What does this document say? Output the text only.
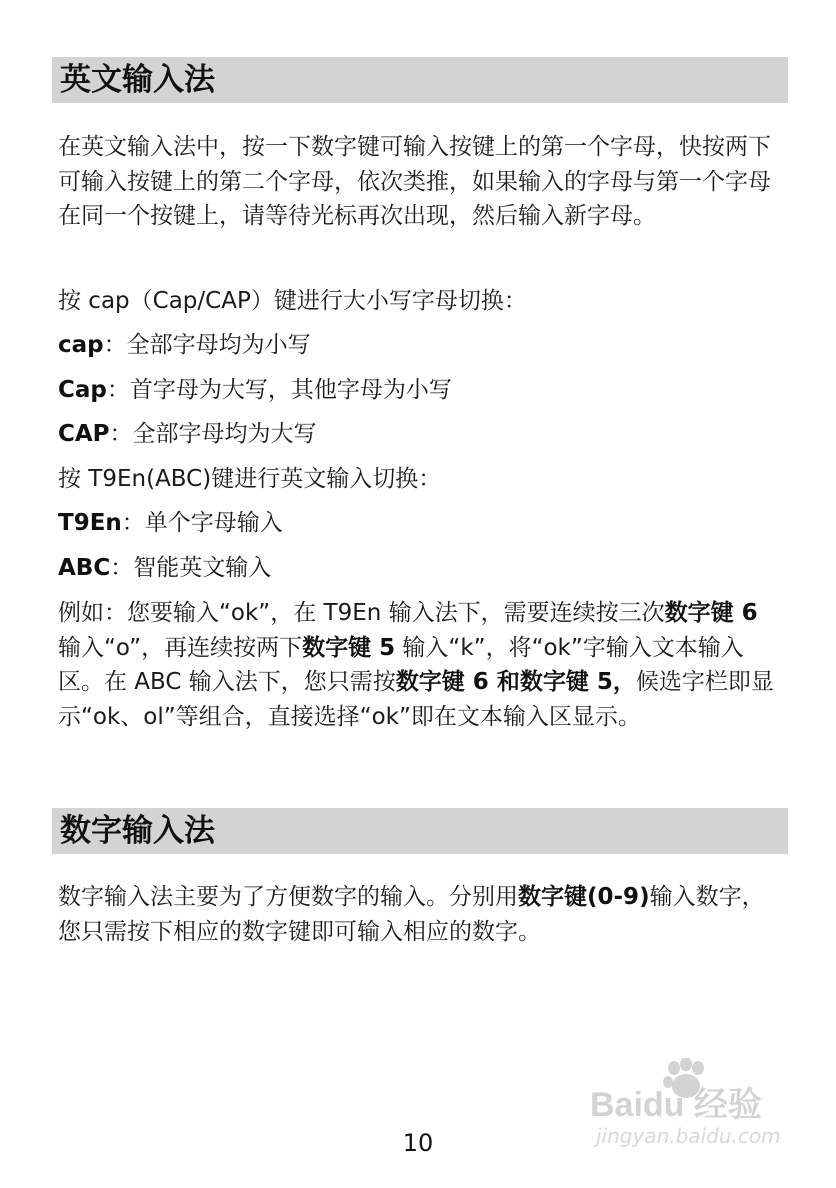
英文输入法
在英文输入法中，按一下数字键可输入按键上的第一个字母，快按两下可输入按键上的第二个字母，依次类推，如果输入的字母与第一个字母在同一个按键上，请等待光标再次出现，然后输入新字母。
按 cap（Cap/CAP）键进行大小写字母切换：
cap：全部字母均为小写
Cap：首字母为大写，其他字母为小写
CAP：全部字母均为大写
按 T9En(ABC)键进行英文输入切换：
T9En：单个字母输入
ABC：智能英文输入
例如：您要输入“ok”，在 T9En 输入法下，需要连续按三次数字键 6 输入“o”，再连续按两下数字键 5 输入“k”，将“ok”字输入文本输入区。在 ABC 输入法下，您只需按数字键 6 和数字键 5，候选字栏即显示“ok、ol”等组合，直接选择“ok”即在文本输入区显示。
数字输入法
数字输入法主要为了方便数字的输入。分别用数字键(0-9)输入数字，您只需按下相应的数字键即可输入相应的数字。
Baidu 经验
jingyan.baidu.com
10
